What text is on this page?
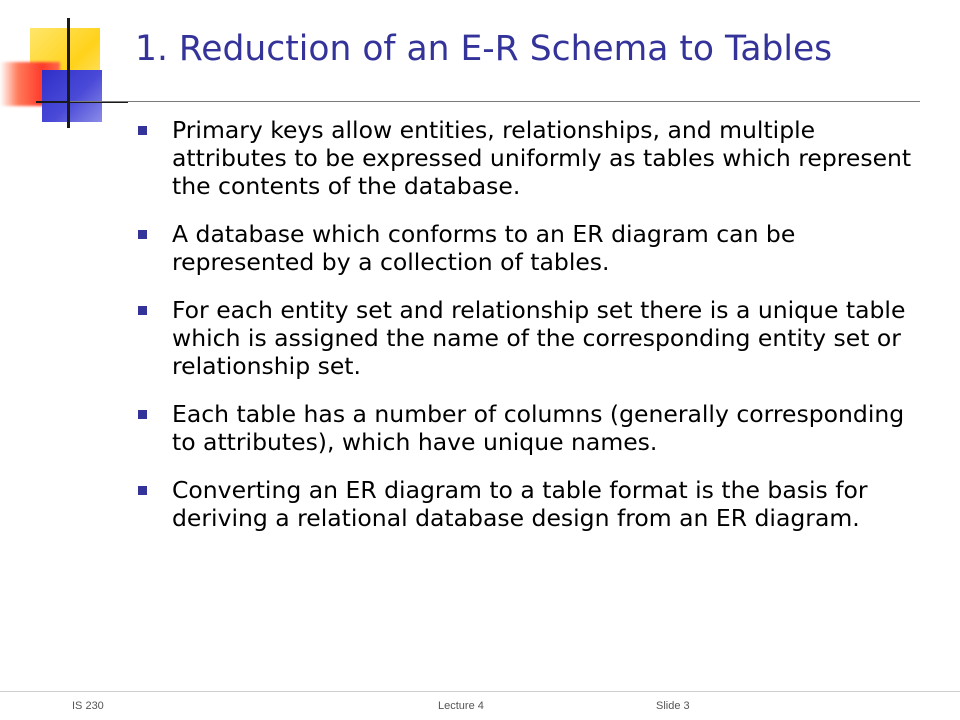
1. Reduction of an E-R Schema to Tables
Primary keys allow entities, relationships, and multiple attributes to be expressed uniformly as tables which represent the contents of the database.
A database which conforms to an ER diagram can be represented by a collection of tables.
For each entity set and relationship set there is a unique table which is assigned the name of the corresponding entity set or relationship set.
Each table has a number of columns (generally corresponding to attributes), which have unique names.
Converting an ER diagram to a table format is the basis for deriving a relational database design from an ER diagram.
IS 230	Lecture 4	Slide 3
